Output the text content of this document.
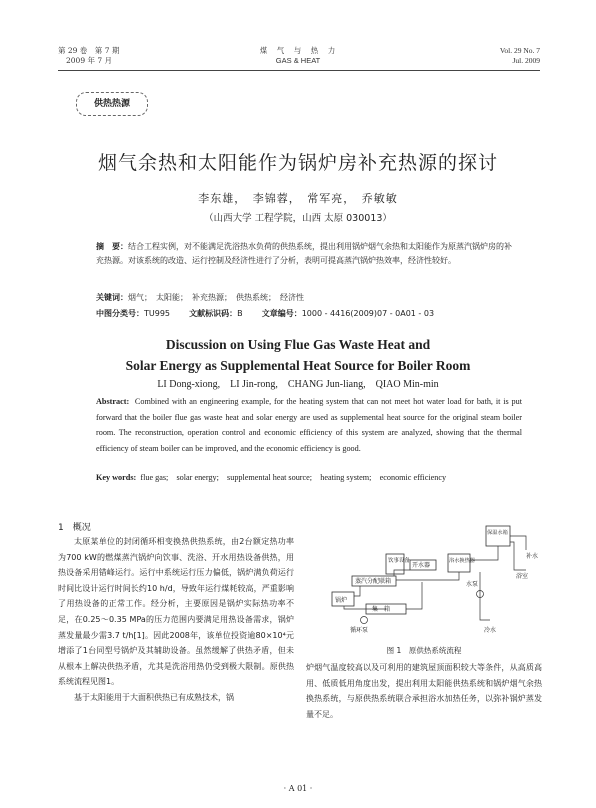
第 29 卷　第 7 期
2009 年 7 月
煤　气　与　热　力
GAS & HEAT
Vol. 29 No. 7
Jul. 2009
供热热源
烟气余热和太阳能作为锅炉房补充热源的探讨
李东雄，　李锦蓉，　常军亮，　乔敏敏
（山西大学 工程学院，山西 太原 030013）
摘　要：结合工程实例，对不能满足洗浴热水负荷的供热系统，提出利用锅炉烟气余热和太阳能作为原蒸汽锅炉房的补充热源。对该系统的改造、运行控制及经济性进行了分析，表明可提高蒸汽锅炉热效率，经济性较好。
关键词：烟气；　太阳能；　补充热源；　供热系统；　经济性
中图分类号：TU995 文献标识码：B 文章编号：1000 - 4416(2009)07 - 0A01 - 03
Discussion on Using Flue Gas Waste Heat and
Solar Energy as Supplemental Heat Source for Boiler Room
LI Dong-xiong,　LI Jin-rong,　CHANG Jun-liang,　QIAO Min-min
Abstract: Combined with an engineering example, for the heating system that can not meet hot water load for bath, it is put forward that the boiler flue gas waste heat and solar energy are used as supplemental heat source for the original steam boiler room. The reconstruction, operation control and economic efficiency of this system are analyzed, showing that the thermal efficiency of steam boiler can be improved, and the economic efficiency is good.
Key words: flue gas;　solar energy;　supplemental heat source;　heating system;　economic efficiency
1　概况

太原某单位的封闭循环相变换热供热系统，由2台额定热功率为700 kW的燃煤蒸汽锅炉向饮事、洗浴、开水用热设备供热，用热设备采用错峰运行。运行中系统运行压力偏低，锅炉满负荷运行时间比设计运行时间长约10 h/d，导致年运行煤耗较高，严重影响了用热设备的正常工作。经分析，主要原因是锅炉实际热功率不足，在0.25～0.35 MPa的压力范围内要满足用热设备需求，锅炉蒸发量最少需3.7 t/h[1]。因此2008年，该单位投资逾80×10⁴元增添了1台同型号锅炉及其辅助设备。虽然缓解了供热矛盾，但未从根本上解决供热矛盾，尤其是洗浴用热仍受到极大限制。原供热系统流程见图1。

基于太阳能用于大面积供热已有成熟技术，锅

锅炉
蒸汽分配联箱
饮事设备
开水器
浴水换热器
保温水箱
集　箱
循环泵
水泵
补水
浴室
冷水
图 1　原供热系统流程

炉烟气温度较高以及可利用的建筑屋顶面积较大等条件，从高质高用、低质低用角度出发，提出利用太阳能供热系统和锅炉烟气余热换热系统，与原供热系统联合承担浴水加热任务，以弥补锅炉蒸发量不足。

· A 01 ·
